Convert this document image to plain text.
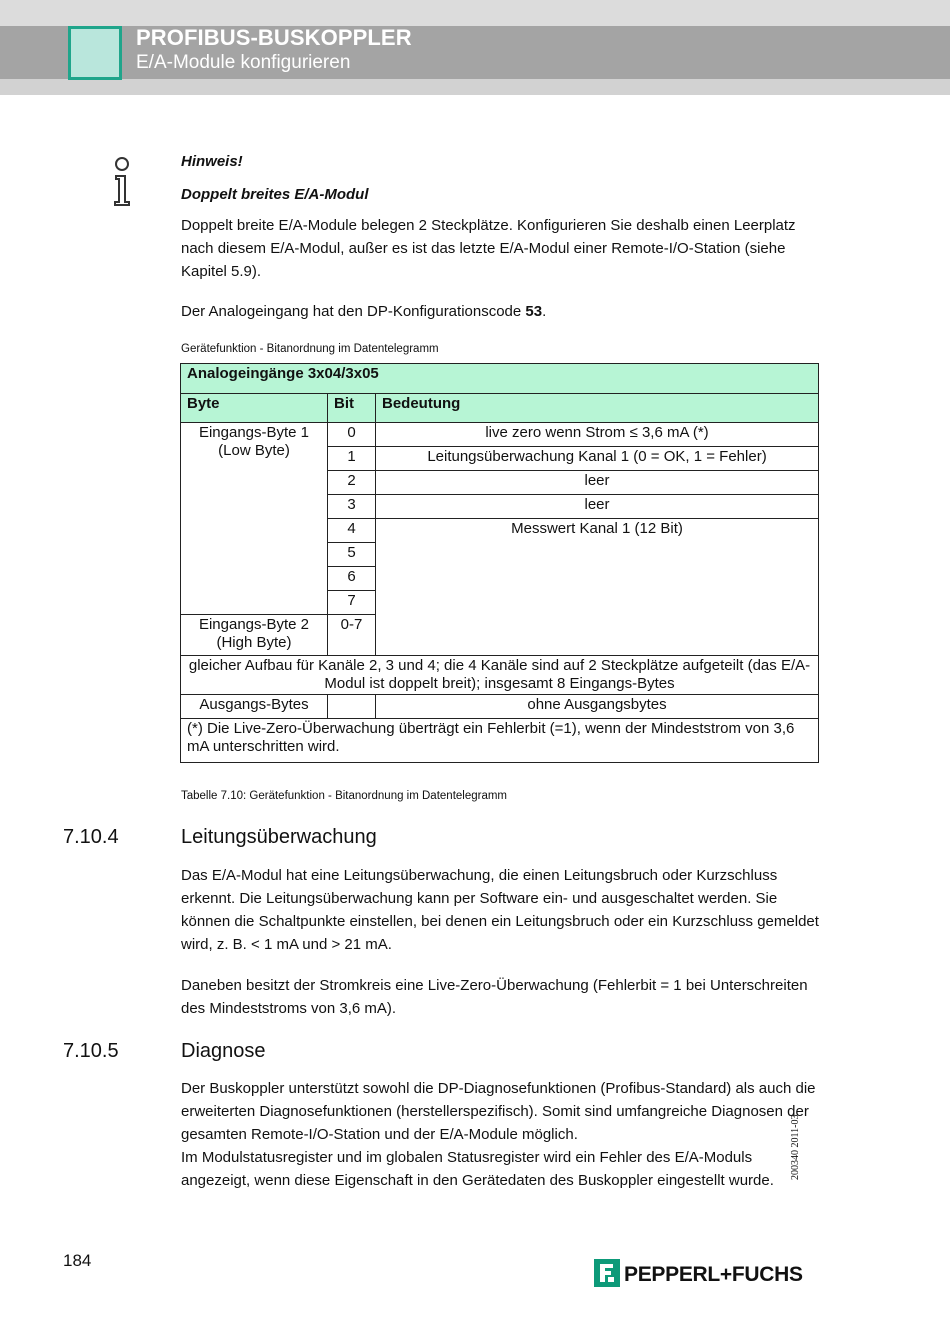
PROFIBUS-BUSKOPPLER
E/A-Module konfigurieren
Hinweis!
Doppelt breites E/A-Modul
Doppelt breite E/A-Module belegen 2 Steckplätze. Konfigurieren Sie deshalb einen Leerplatz nach diesem E/A-Modul, außer es ist das letzte E/A-Modul einer Remote-I/O-Station (siehe Kapitel 5.9).
Der Analogeingang hat den DP-Konfigurationscode 53.
Gerätefunktion - Bitanordnung im Datentelegramm
Analogeingänge 3x04/3x05		
Byte	Bit	Bedeutung
Eingangs-Byte 1 (Low Byte)	0	live zero wenn Strom ≤ 3,6 mA (*)
	1	Leitungsüberwachung Kanal 1 (0 = OK, 1 = Fehler)
	2	leer
	3	leer
	4	Messwert Kanal 1 (12 Bit)
	5	
	6	
	7	
Eingangs-Byte 2 (High Byte)	0-7	
gleicher Aufbau für Kanäle 2, 3 und 4; die 4 Kanäle sind auf 2 Steckplätze aufgeteilt (das E/A-Modul ist doppelt breit); insgesamt 8 Eingangs-Bytes		
Ausgangs-Bytes		ohne Ausgangsbytes
(*) Die Live-Zero-Überwachung überträgt ein Fehlerbit (=1), wenn der Mindeststrom von 3,6 mA unterschritten wird.		
Tabelle 7.10: Gerätefunktion - Bitanordnung im Datentelegramm
7.10.4	Leitungsüberwachung
Das E/A-Modul hat eine Leitungsüberwachung, die einen Leitungsbruch oder Kurzschluss erkennt. Die Leitungsüberwachung kann per Software ein- und ausgeschaltet werden. Sie können die Schaltpunkte einstellen, bei denen ein Leitungsbruch oder ein Kurzschluss gemeldet wird, z. B. < 1 mA und > 21 mA.
Daneben besitzt der Stromkreis eine Live-Zero-Überwachung (Fehlerbit = 1 bei Unterschreiten des Mindeststroms von 3,6 mA).
7.10.5	Diagnose
Der Buskoppler unterstützt sowohl die DP-Diagnosefunktionen (Profibus-Standard) als auch die erweiterten Diagnosefunktionen (herstellerspezifisch). Somit sind umfangreiche Diagnosen der gesamten Remote-I/O-Station und der E/A-Module möglich.
Im Modulstatusregister und im globalen Statusregister wird ein Fehler des E/A-Moduls angezeigt, wenn diese Eigenschaft in den Gerätedaten des Buskoppler eingestellt wurde.
200340 2011-03
184
PEPPERL+FUCHS
